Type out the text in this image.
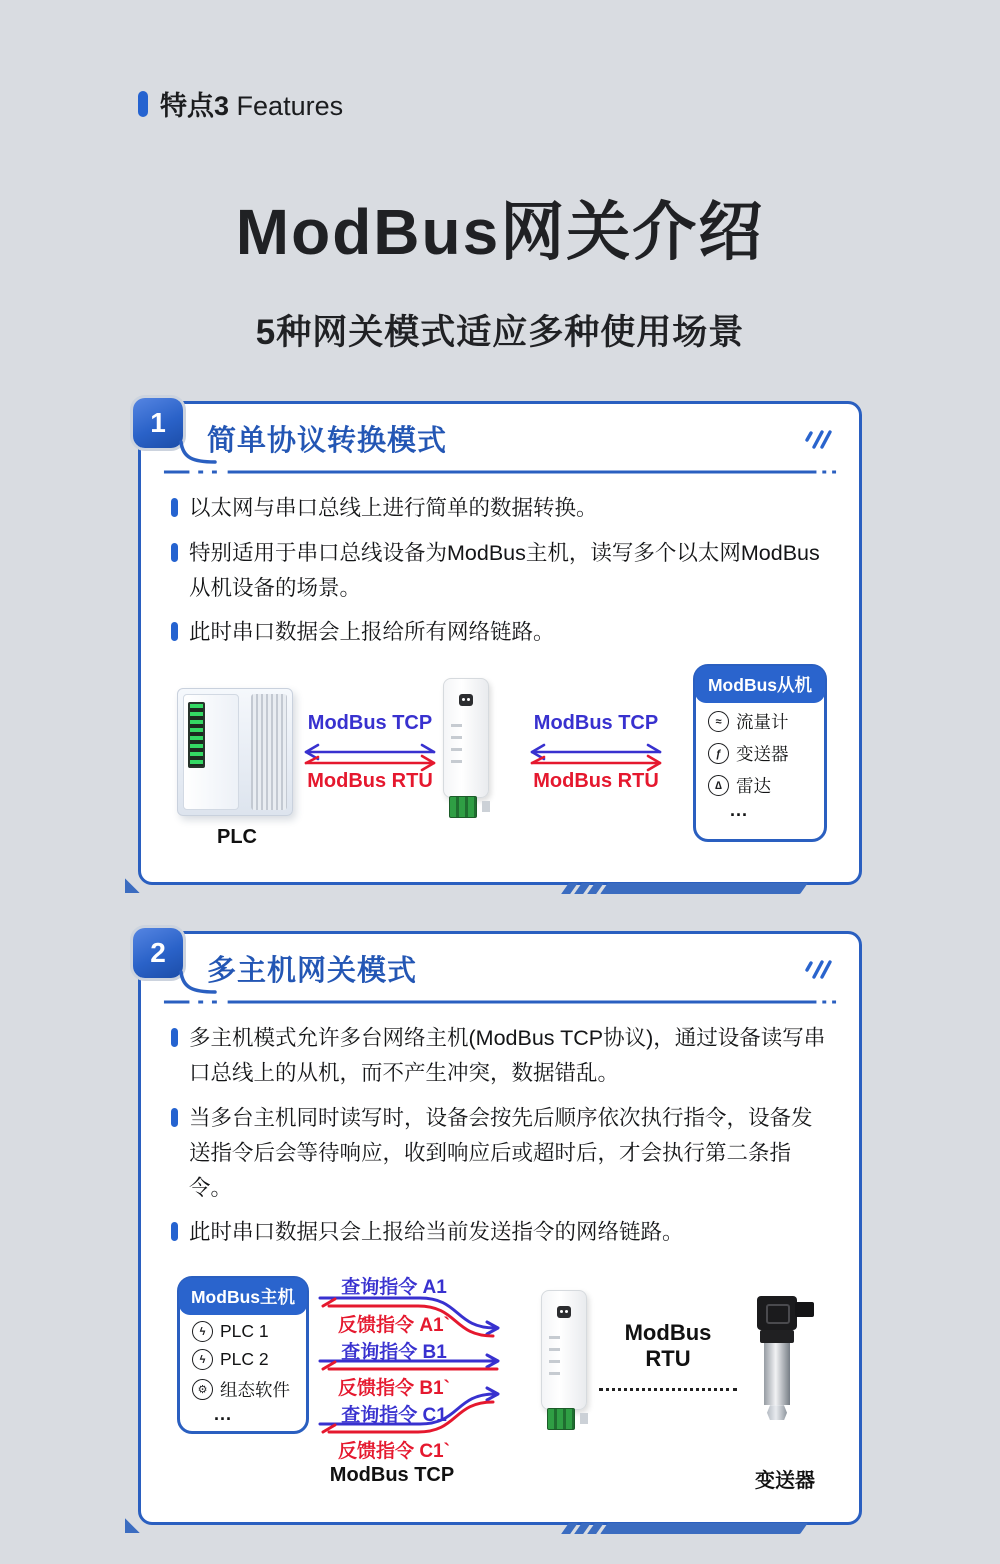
特点3 Features
ModBus网关介绍
5种网关模式适应多种使用场景
1
简单协议转换模式
以太网与串口总线上进行简单的数据转换。
特别适用于串口总线设备为ModBus主机，读写多个以太网ModBus从机设备的场景。
此时串口数据会上报给所有网络链路。
PLC
ModBus TCP
ModBus RTU
ModBus TCP
ModBus RTU
ModBus从机
≈ 流量计
ƒ 变送器
∆ 雷达
...
2
多主机网关模式
多主机模式允许多台网络主机(ModBus TCP协议)，通过设备读写串口总线上的从机，而不产生冲突，数据错乱。
当多台主机同时读写时，设备会按先后顺序依次执行指令，设备发送指令后会等待响应，收到响应后或超时后，才会执行第二条指令。
此时串口数据只会上报给当前发送指令的网络链路。
ModBus主机
ϟ PLC 1
ϟ PLC 2
⚙ 组态软件
...
查询指令 A1
反馈指令 A1`
查询指令 B1
反馈指令 B1`
查询指令 C1
反馈指令 C1`
ModBus RTU
ModBus TCP	变送器
